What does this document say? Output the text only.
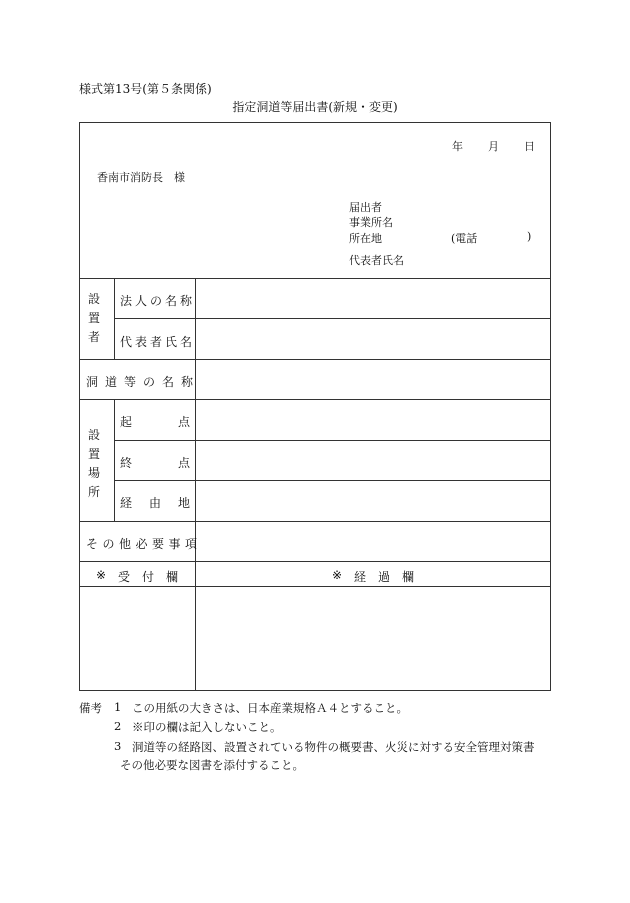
様式第13号(第５条関係)
指定洞道等届出書(新規・変更)
年 月 日
香南市消防長　様
届出者
事業所名
所在地	(電話	)
代表者氏名
設置者
法人の名称
代表者氏名
洞道等の名称
設置場所
起	点
終	点
経 由 地
その他必要事項
※ 受 付 欄	※ 経 過 欄
備考 1 この用紙の大きさは、日本産業規格Ａ４とすること。
2 ※印の欄は記入しないこと。
3 洞道等の経路図、設置されている物件の概要書、火災に対する安全管理対策書
その他必要な図書を添付すること。
